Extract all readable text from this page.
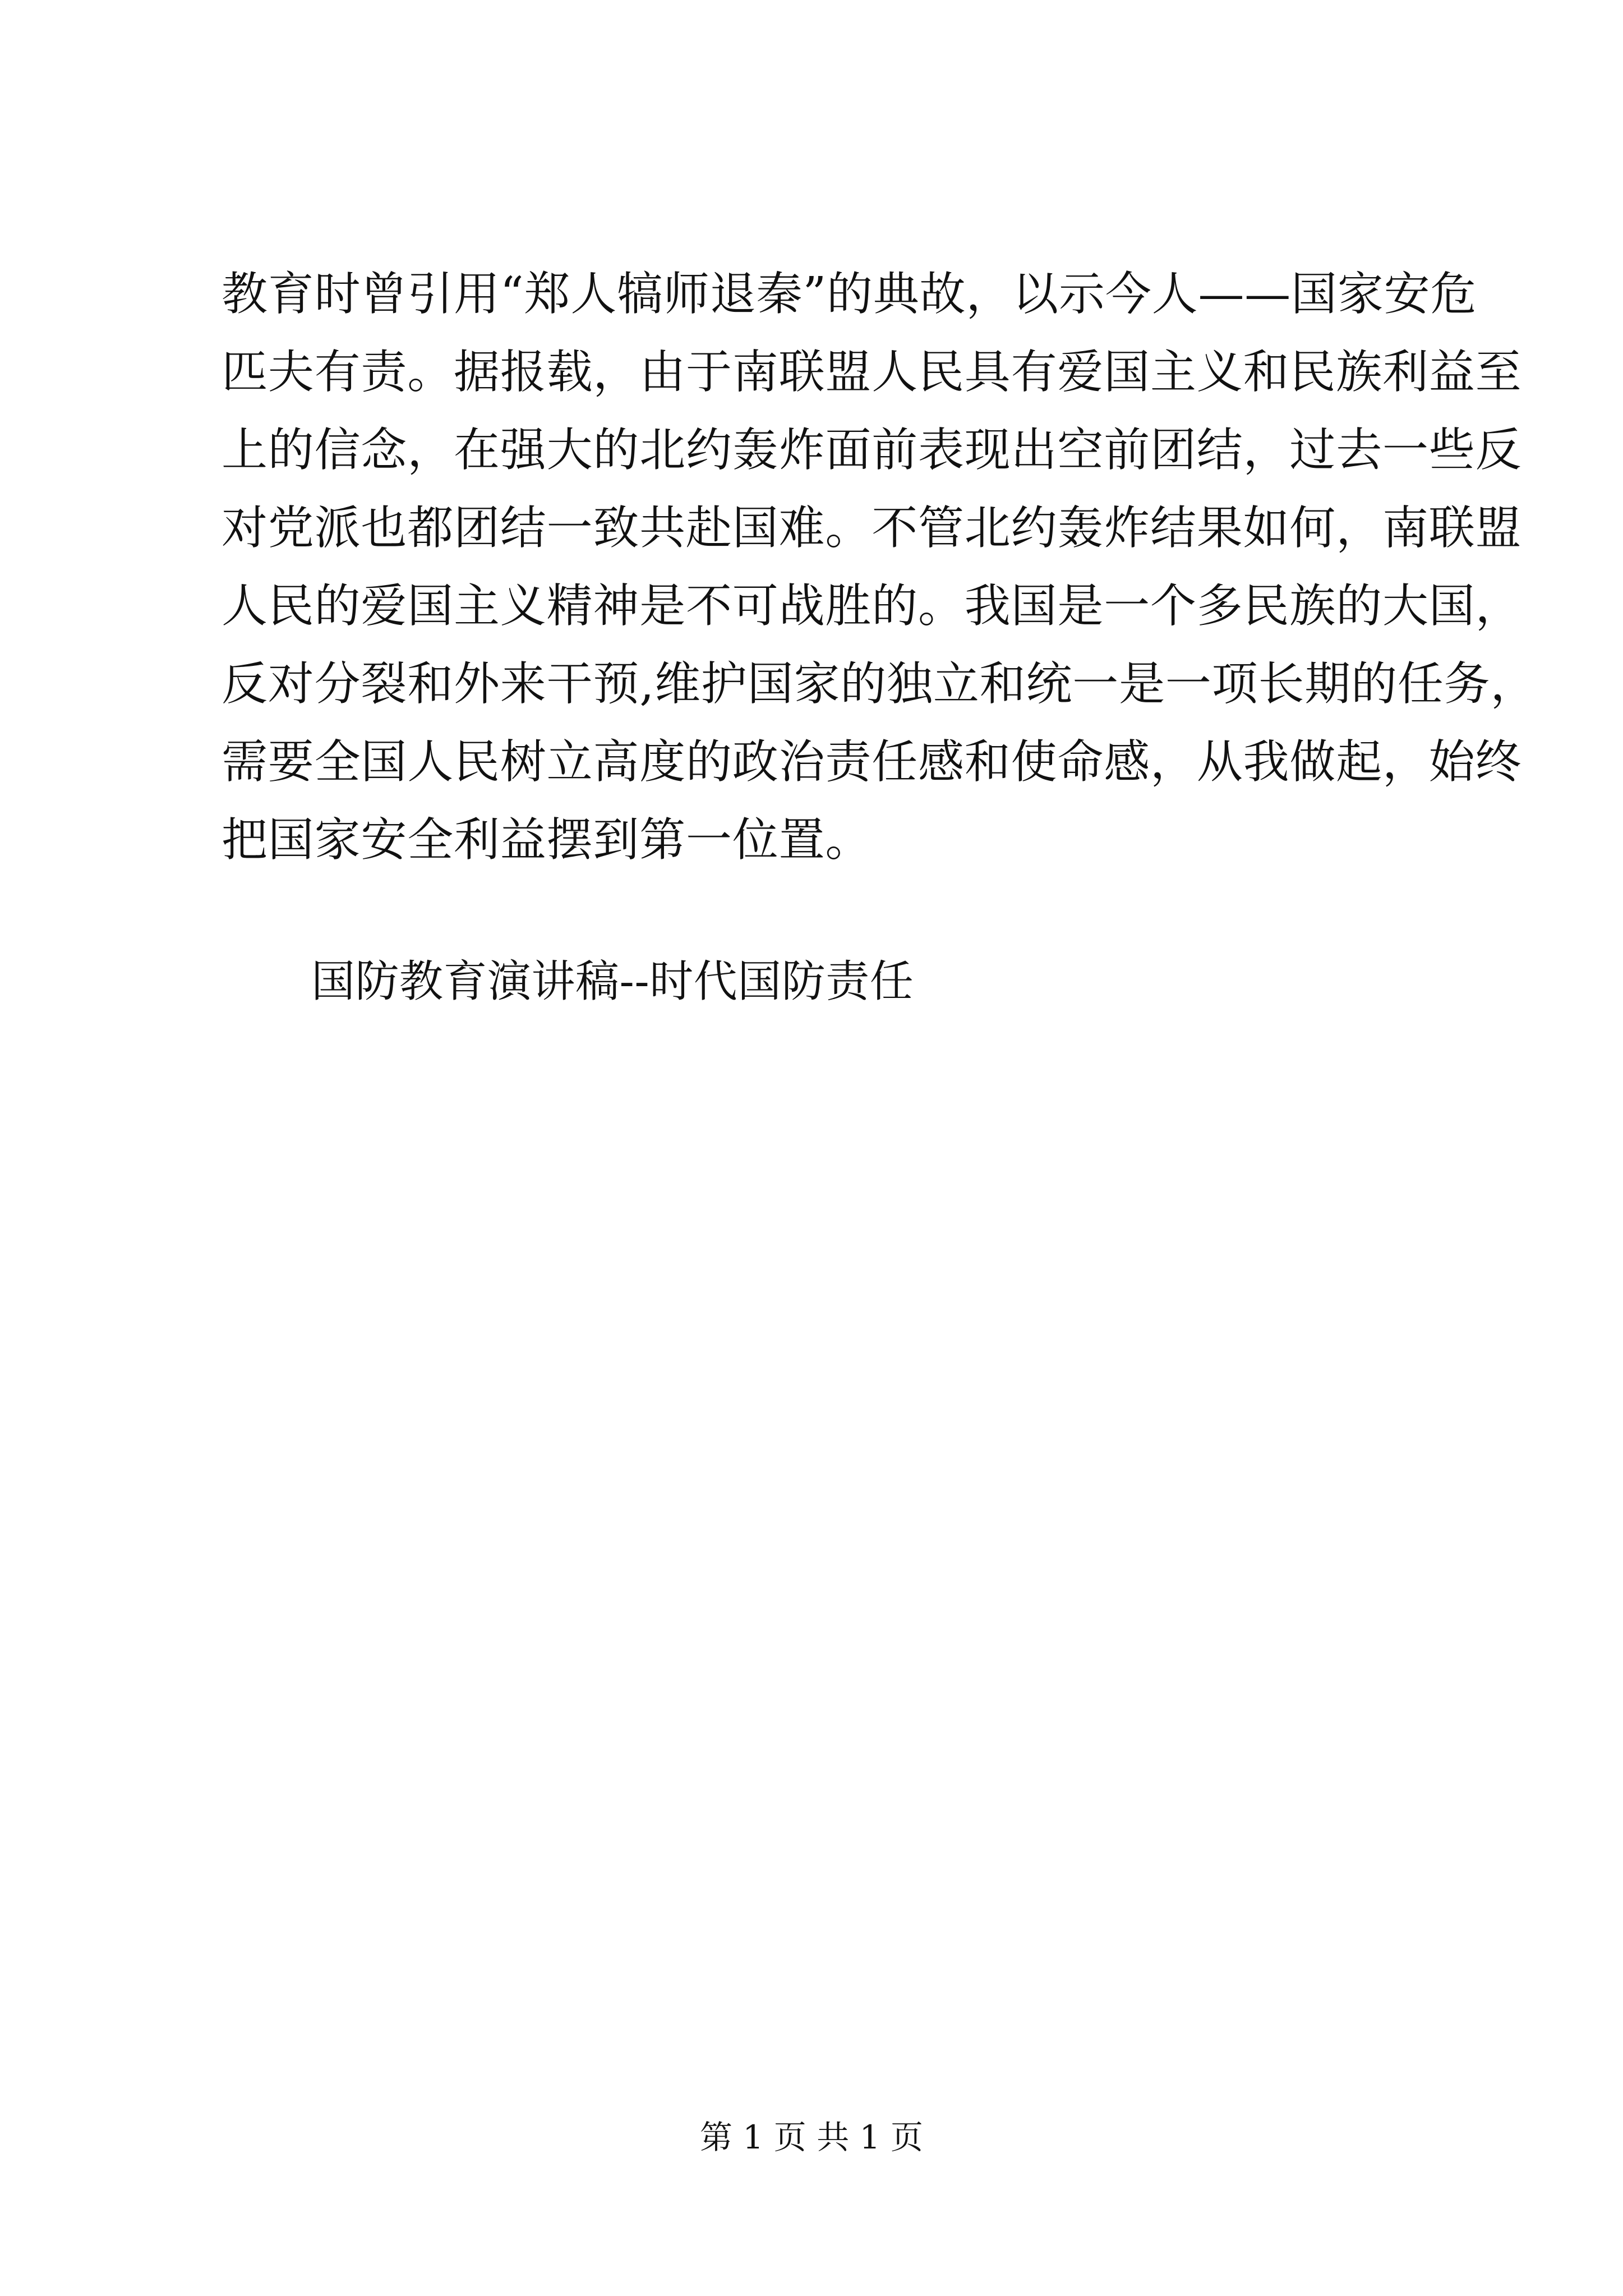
教育时曾引用“郑人犒师退秦”的典故，以示今人——国家安危
匹夫有责。据报载，由于南联盟人民具有爱国主义和民族利益至
上的信念，在强大的北约轰炸面前表现出空前团结，过去一些反
对党派也都团结一致共赴国难。不管北约轰炸结果如何，南联盟
人民的爱国主义精神是不可战胜的。我国是一个多民族的大国，
反对分裂和外来干预,维护国家的独立和统一是一项长期的任务，
需要全国人民树立高度的政治责任感和使命感，从我做起，始终
把国家安全利益摆到第一位置。
国防教育演讲稿--时代国防责任
第 1 页 共 1 页
